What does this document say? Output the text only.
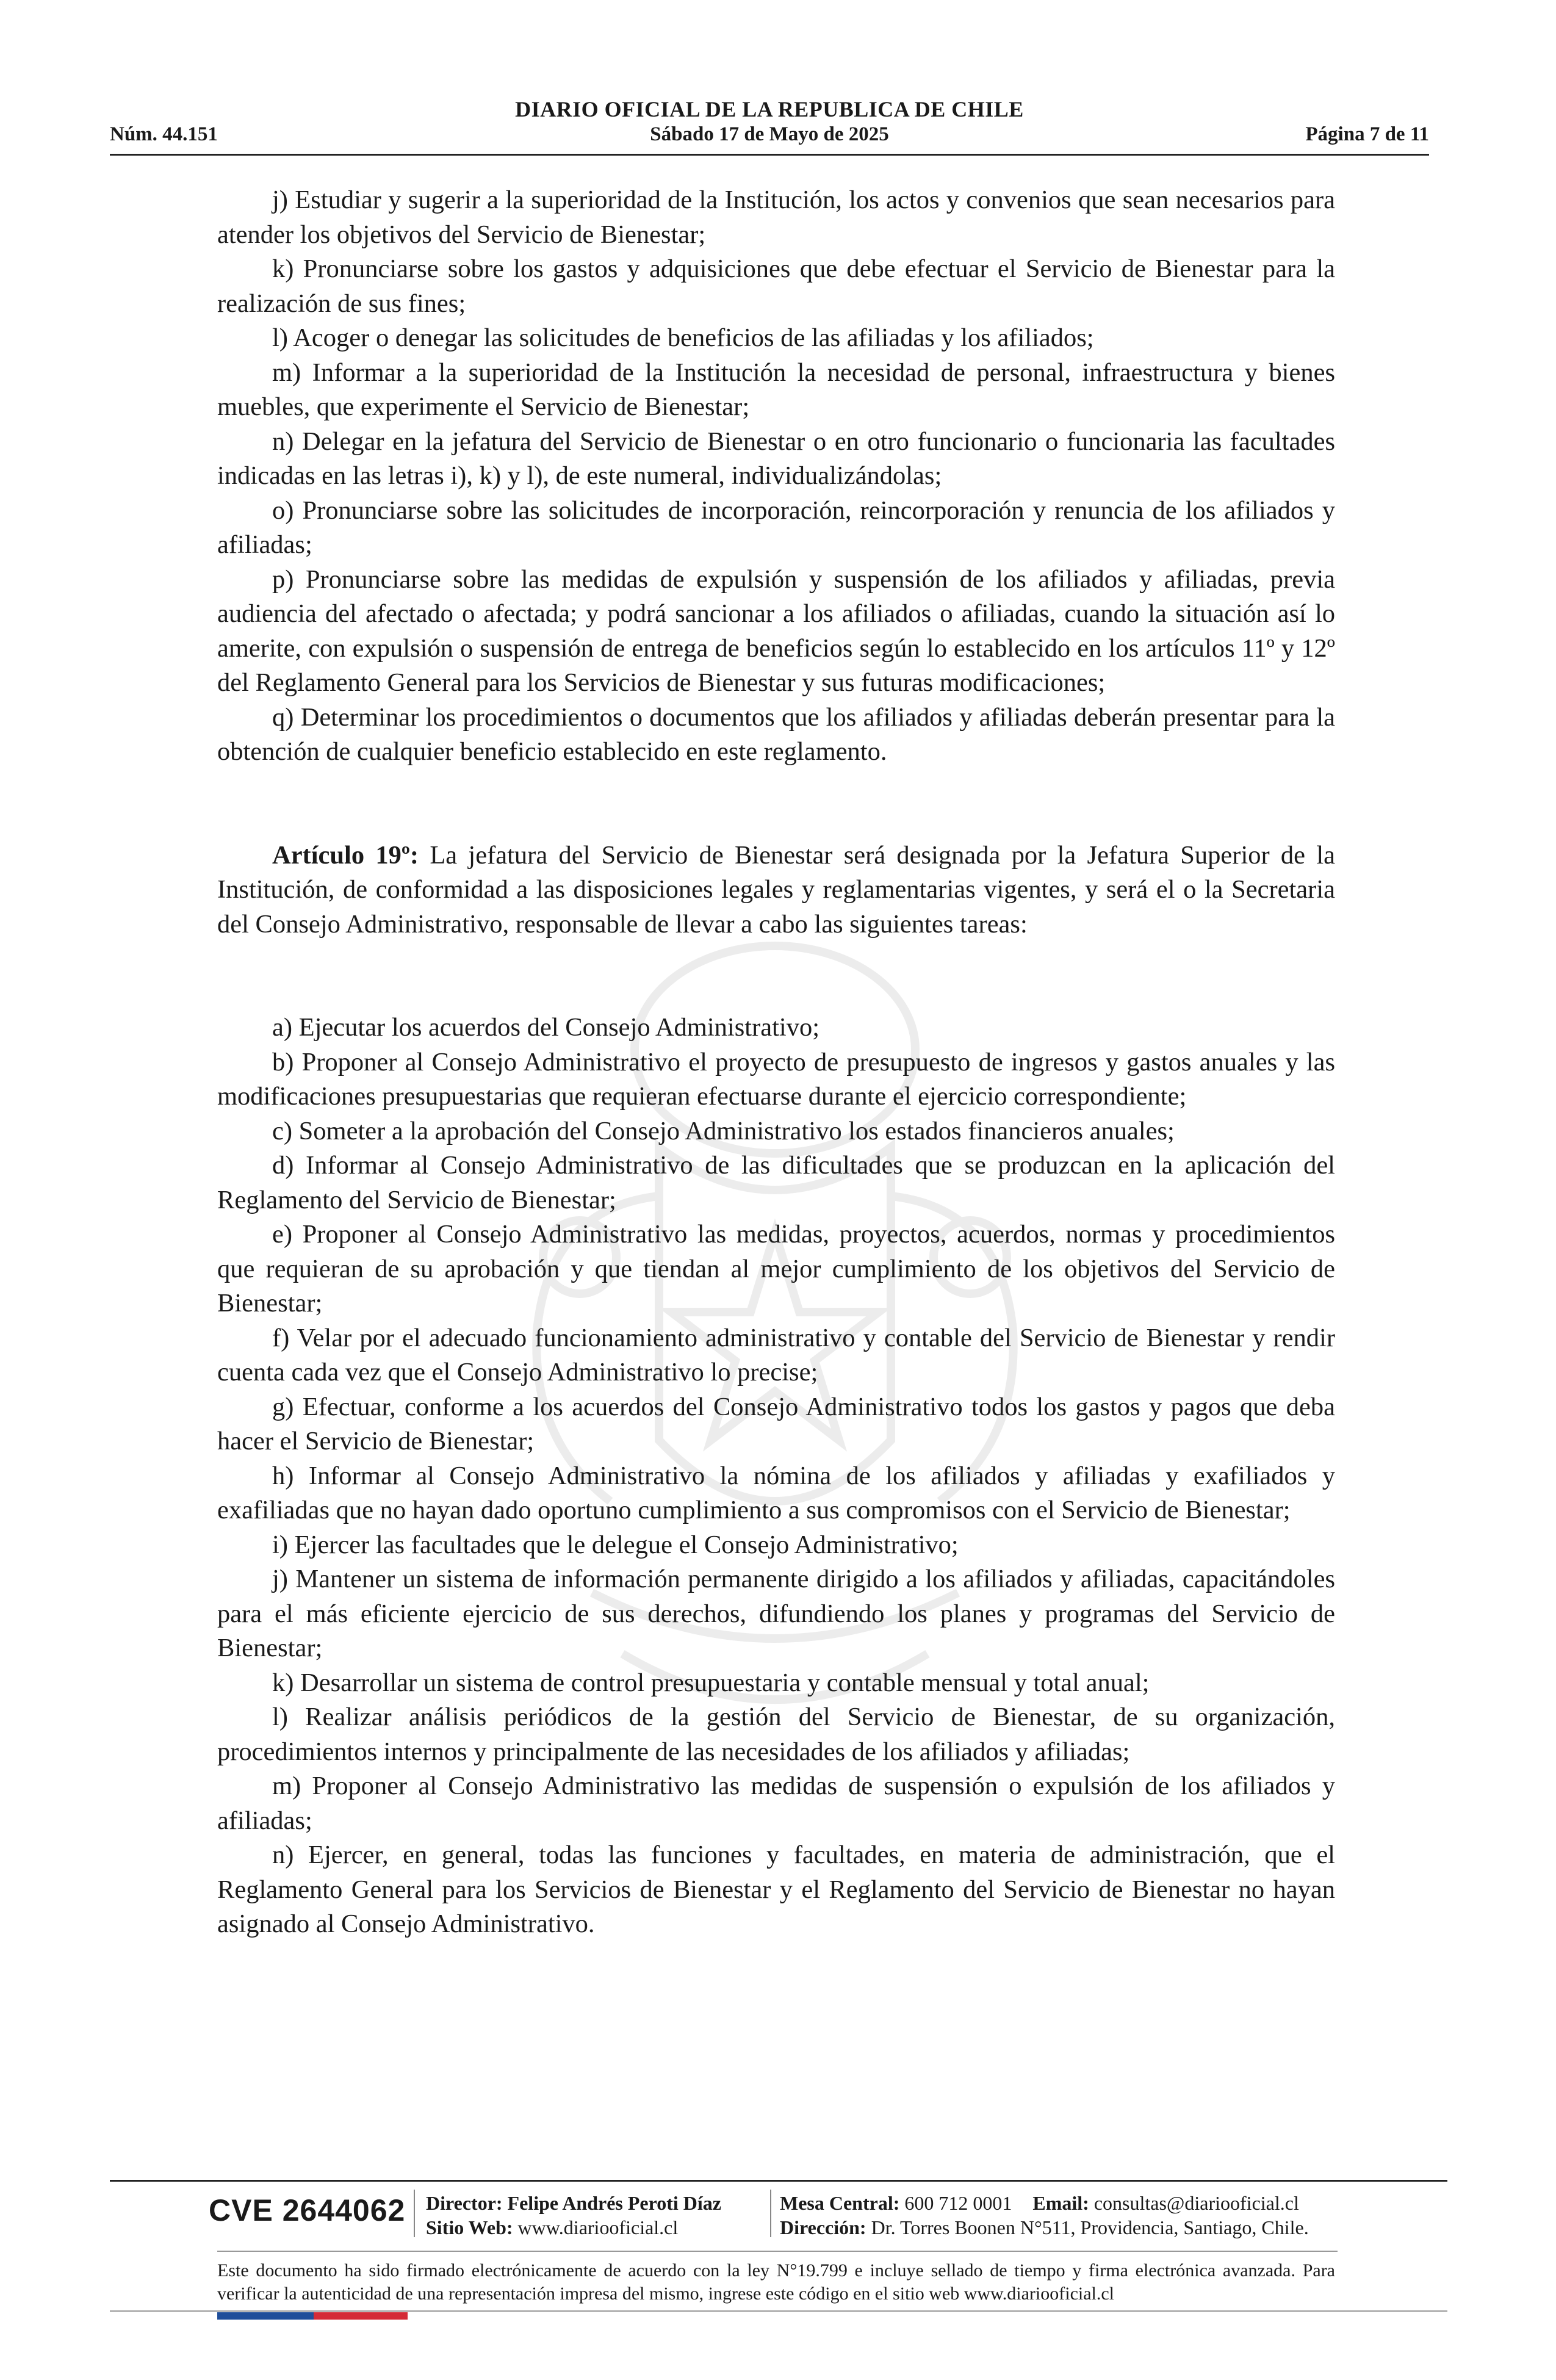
DIARIO OFICIAL DE LA REPUBLICA DE CHILE
Núm. 44.151	Sábado 17 de Mayo de 2025	Página 7 de 11

j) Estudiar y sugerir a la superioridad de la Institución, los actos y convenios que sean necesarios para atender los objetivos del Servicio de Bienestar;

k) Pronunciarse sobre los gastos y adquisiciones que debe efectuar el Servicio de Bienestar para la realización de sus fines;

l) Acoger o denegar las solicitudes de beneficios de las afiliadas y los afiliados;

m) Informar a la superioridad de la Institución la necesidad de personal, infraestructura y bienes muebles, que experimente el Servicio de Bienestar;

n) Delegar en la jefatura del Servicio de Bienestar o en otro funcionario o funcionaria las facultades indicadas en las letras i), k) y l), de este numeral, individualizándolas;

o) Pronunciarse sobre las solicitudes de incorporación, reincorporación y renuncia de los afiliados y afiliadas;

p) Pronunciarse sobre las medidas de expulsión y suspensión de los afiliados y afiliadas, previa audiencia del afectado o afectada; y podrá sancionar a los afiliados o afiliadas, cuando la situación así lo amerite, con expulsión o suspensión de entrega de beneficios según lo establecido en los artículos 11º y 12º del Reglamento General para los Servicios de Bienestar y sus futuras modificaciones;

q) Determinar los procedimientos o documentos que los afiliados y afiliadas deberán presentar para la obtención de cualquier beneficio establecido en este reglamento.

Artículo 19º: La jefatura del Servicio de Bienestar será designada por la Jefatura Superior de la Institución, de conformidad a las disposiciones legales y reglamentarias vigentes, y será el o la Secretaria del Consejo Administrativo, responsable de llevar a cabo las siguientes tareas:

a) Ejecutar los acuerdos del Consejo Administrativo;

b) Proponer al Consejo Administrativo el proyecto de presupuesto de ingresos y gastos anuales y las modificaciones presupuestarias que requieran efectuarse durante el ejercicio correspondiente;

c) Someter a la aprobación del Consejo Administrativo los estados financieros anuales;

d) Informar al Consejo Administrativo de las dificultades que se produzcan en la aplicación del Reglamento del Servicio de Bienestar;

e) Proponer al Consejo Administrativo las medidas, proyectos, acuerdos, normas y procedimientos que requieran de su aprobación y que tiendan al mejor cumplimiento de los objetivos del Servicio de Bienestar;

f) Velar por el adecuado funcionamiento administrativo y contable del Servicio de Bienestar y rendir cuenta cada vez que el Consejo Administrativo lo precise;

g) Efectuar, conforme a los acuerdos del Consejo Administrativo todos los gastos y pagos que deba hacer el Servicio de Bienestar;

h) Informar al Consejo Administrativo la nómina de los afiliados y afiliadas y exafiliados y exafiliadas que no hayan dado oportuno cumplimiento a sus compromisos con el Servicio de Bienestar;

i) Ejercer las facultades que le delegue el Consejo Administrativo;

j) Mantener un sistema de información permanente dirigido a los afiliados y afiliadas, capacitándoles para el más eficiente ejercicio de sus derechos, difundiendo los planes y programas del Servicio de Bienestar;

k) Desarrollar un sistema de control presupuestaria y contable mensual y total anual;

l) Realizar análisis periódicos de la gestión del Servicio de Bienestar, de su organización, procedimientos internos y principalmente de las necesidades de los afiliados y afiliadas;

m) Proponer al Consejo Administrativo las medidas de suspensión o expulsión de los afiliados y afiliadas;

n) Ejercer, en general, todas las funciones y facultades, en materia de administración, que el Reglamento General para los Servicios de Bienestar y el Reglamento del Servicio de Bienestar no hayan asignado al Consejo Administrativo.

CVE 2644062 Director: Felipe Andrés Peroti Díaz
Sitio Web: www.diariooficial.cl
Mesa Central: 600 712 0001 Email: consultas@diariooficial.cl
Dirección: Dr. Torres Boonen N°511, Providencia, Santiago, Chile.
Este documento ha sido firmado electrónicamente de acuerdo con la ley N°19.799 e incluye sellado de tiempo y firma electrónica avanzada. Para verificar la autenticidad de una representación impresa del mismo, ingrese este código en el sitio web www.diariooficial.cl
